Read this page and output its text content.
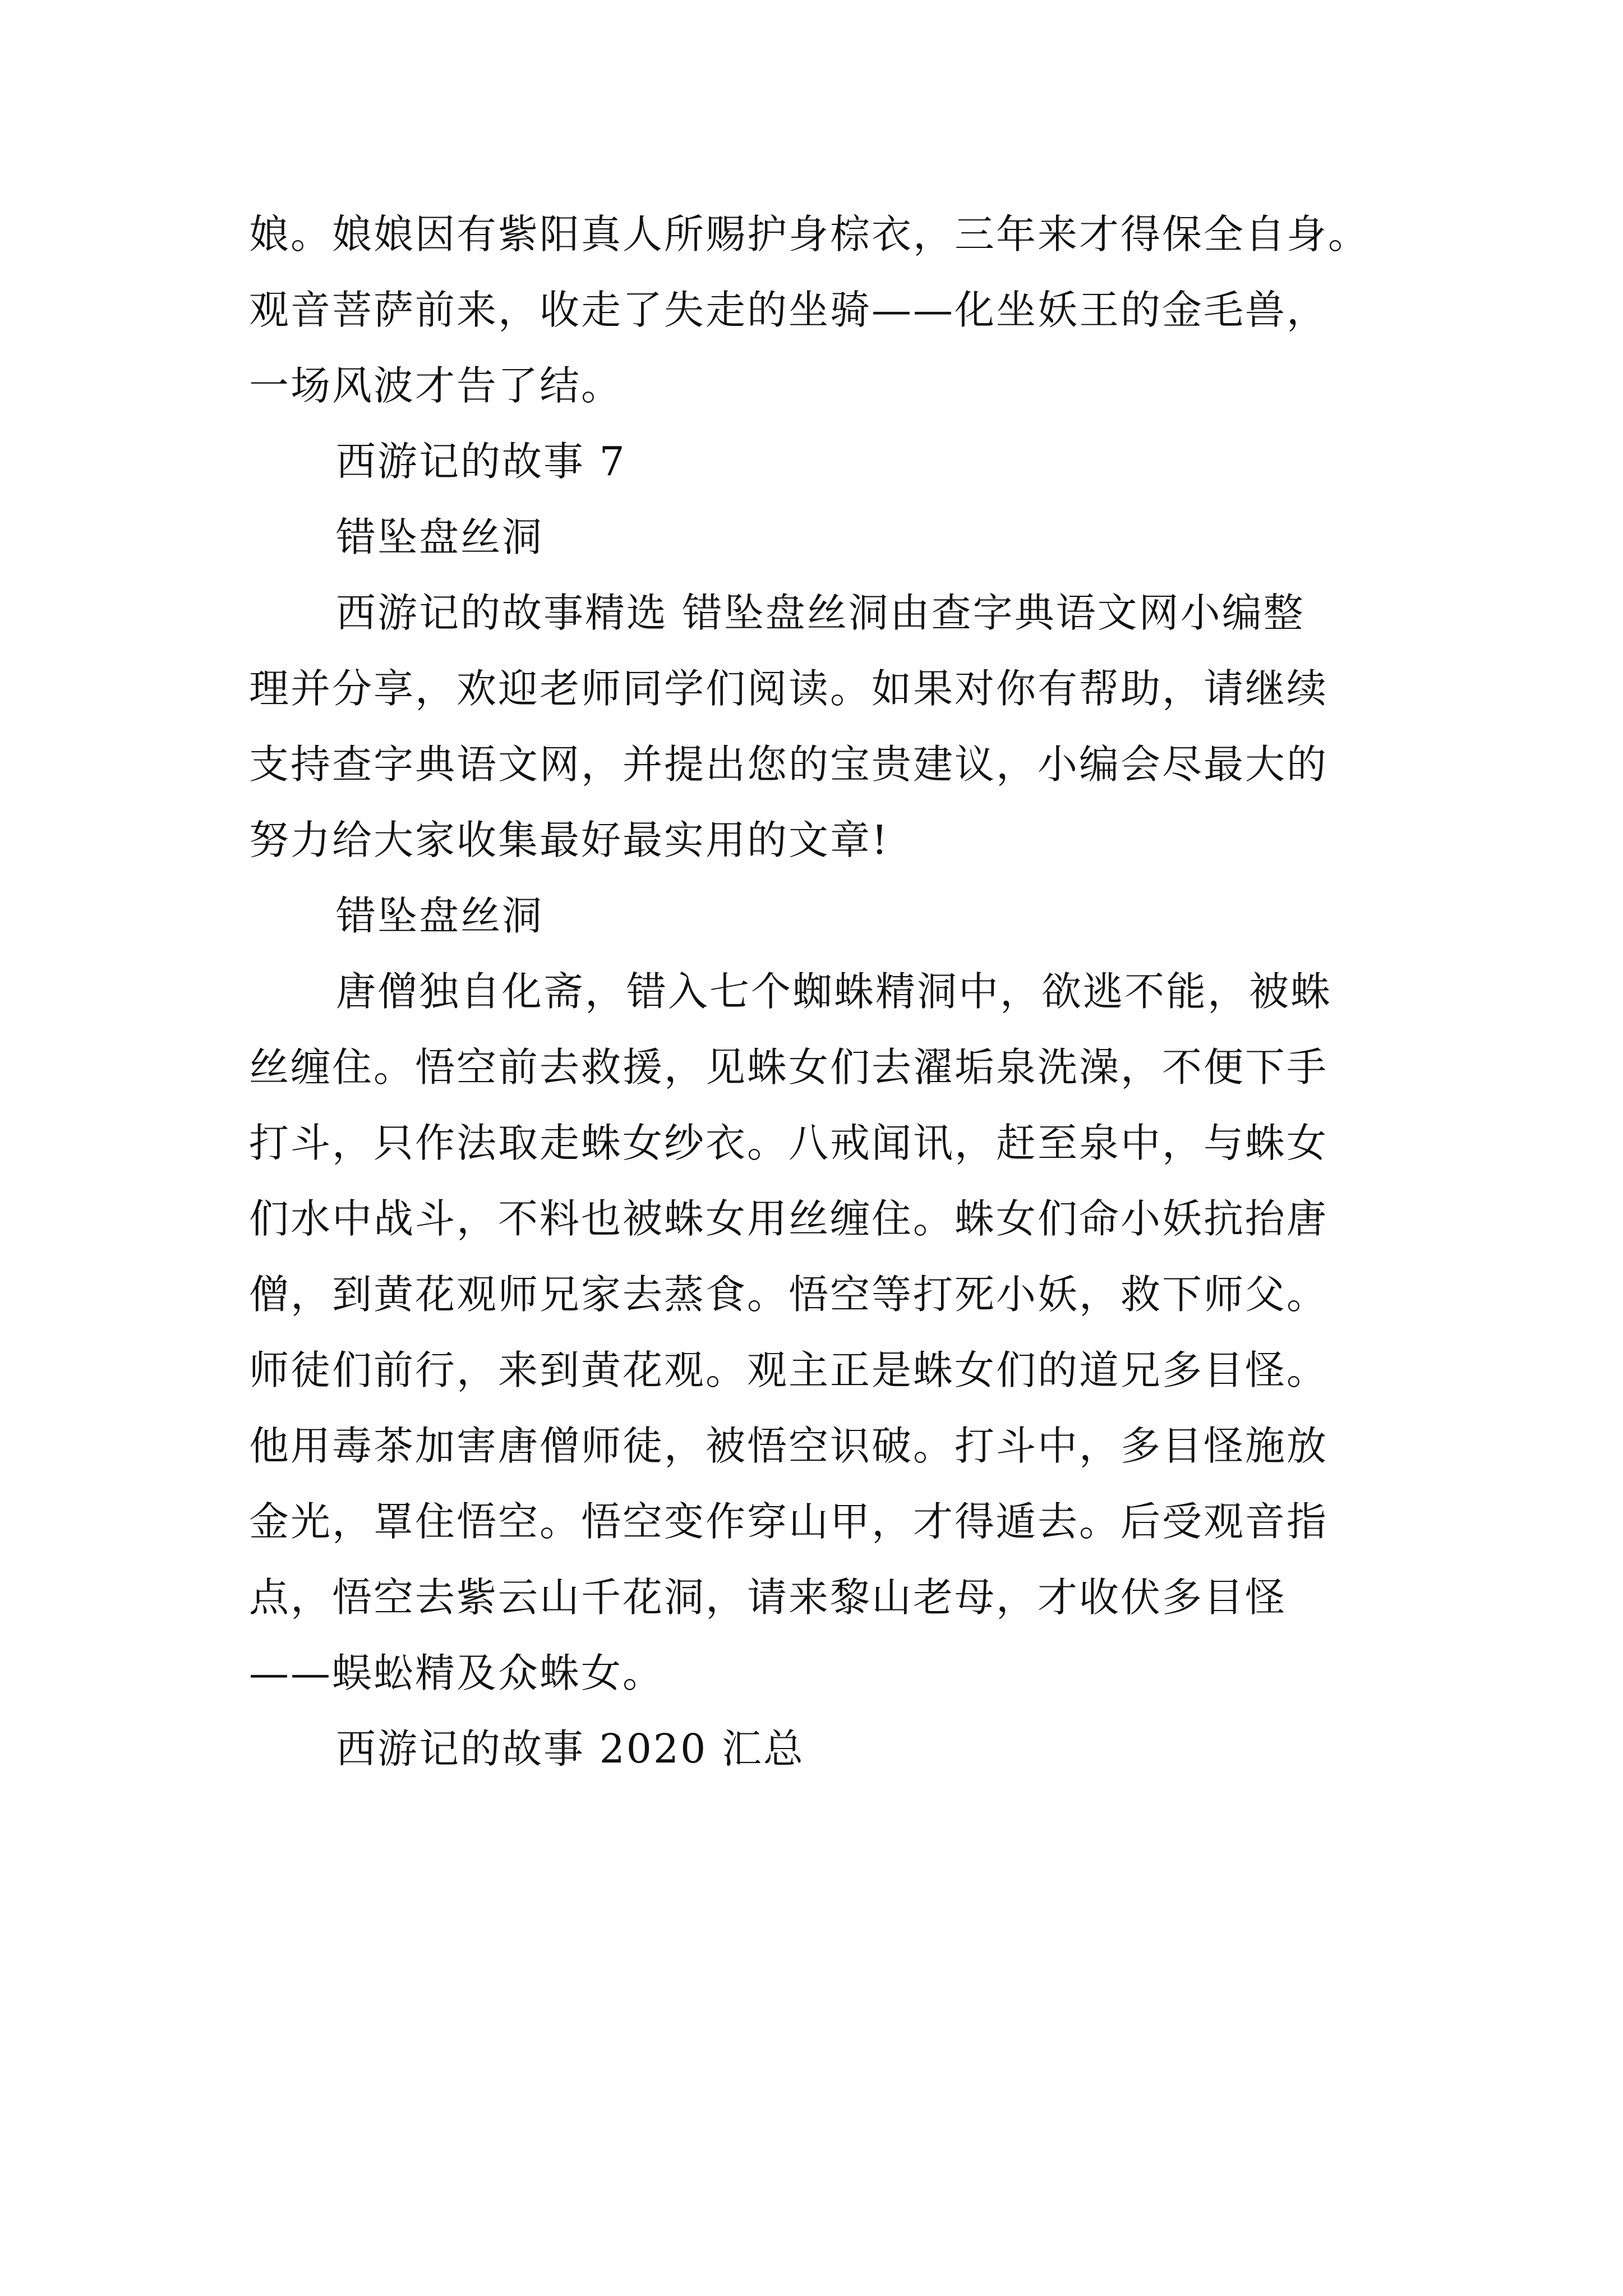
娘。娘娘因有紫阳真人所赐护身棕衣，三年来才得保全自身。
观音菩萨前来，收走了失走的坐骑——化坐妖王的金毛兽，
一场风波才告了结。
西游记的故事 7
错坠盘丝洞
西游记的故事精选 错坠盘丝洞由查字典语文网小编整
理并分享，欢迎老师同学们阅读。如果对你有帮助，请继续
支持查字典语文网，并提出您的宝贵建议，小编会尽最大的
努力给大家收集最好最实用的文章!
错坠盘丝洞
唐僧独自化斋，错入七个蜘蛛精洞中，欲逃不能，被蛛
丝缠住。悟空前去救援，见蛛女们去濯垢泉洗澡，不便下手
打斗，只作法取走蛛女纱衣。八戒闻讯，赶至泉中，与蛛女
们水中战斗，不料也被蛛女用丝缠住。蛛女们命小妖抗抬唐
僧，到黄花观师兄家去蒸食。悟空等打死小妖，救下师父。
师徒们前行，来到黄花观。观主正是蛛女们的道兄多目怪。
他用毒茶加害唐僧师徒，被悟空识破。打斗中，多目怪施放
金光，罩住悟空。悟空变作穿山甲，才得遁去。后受观音指
点，悟空去紫云山千花洞，请来黎山老母，才收伏多目怪
——蜈蚣精及众蛛女。
西游记的故事 2020 汇总
